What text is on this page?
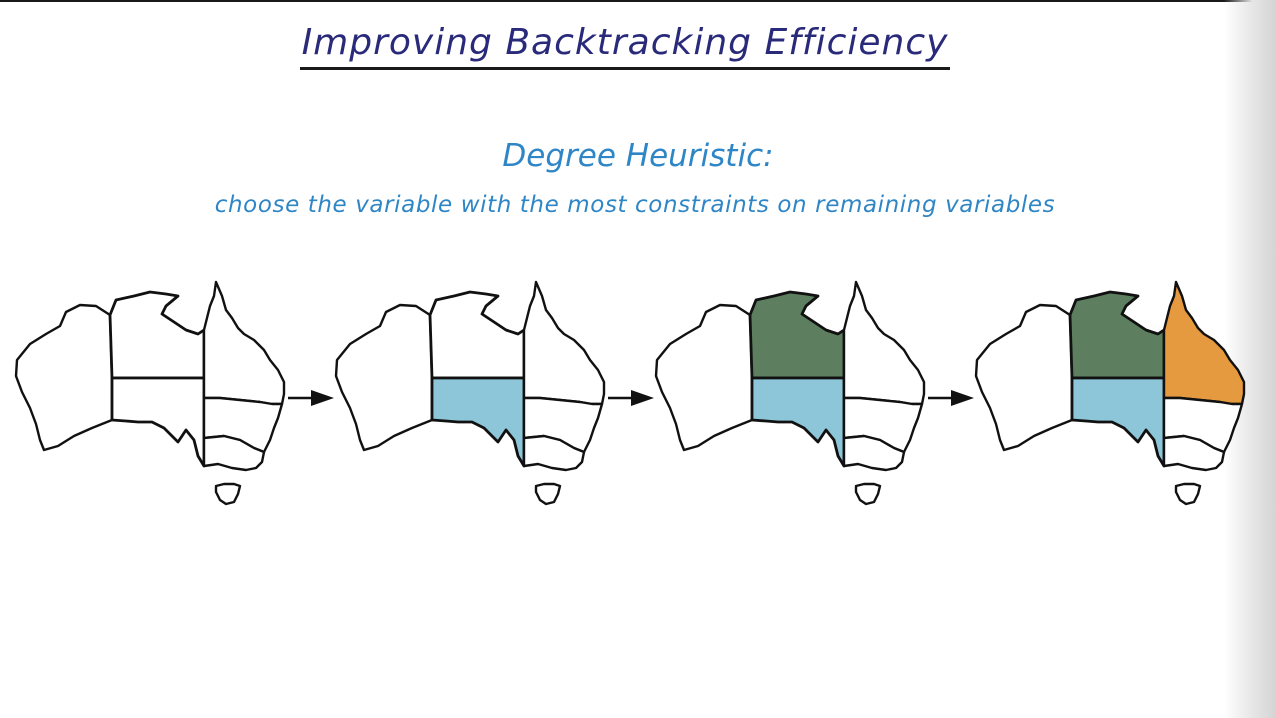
Improving Backtracking Efficiency
Degree Heuristic:
choose the variable with the most constraints on remaining variables
